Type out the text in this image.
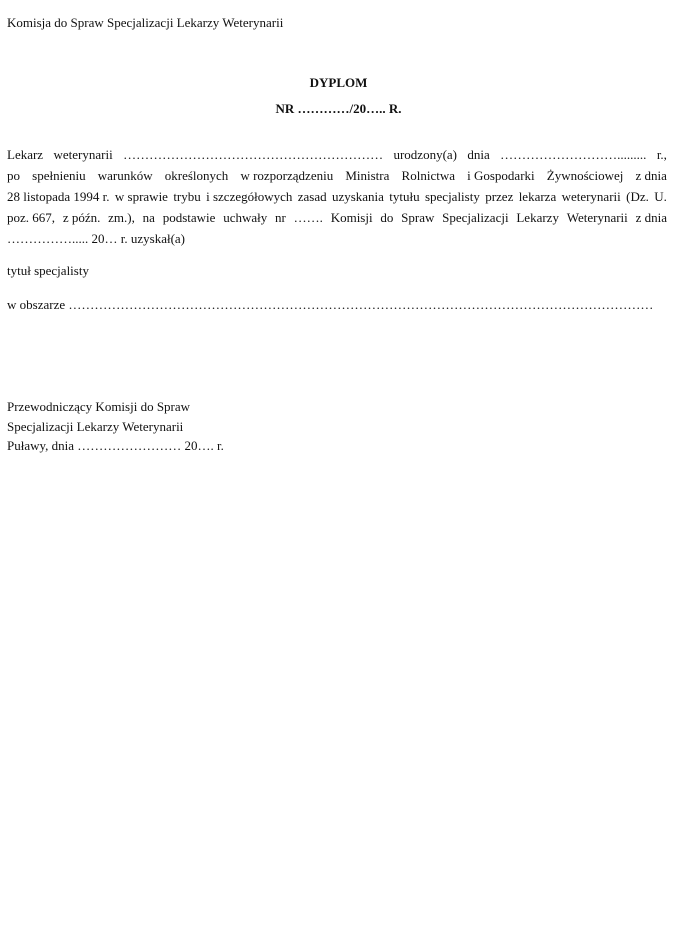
Komisja do Spraw Specjalizacji Lekarzy Weterynarii
DYPLOM
NR …………/20….. R.
Lekarz weterynarii …………………………………………………… urodzony(a) dnia ………………………......... r.,
po spełnieniu warunków określonych w rozporządzeniu Ministra Rolnictwa i Gospodarki Żywnościowej z dnia
28 listopada 1994 r. w sprawie trybu i szczegółowych zasad uzyskania tytułu specjalisty przez lekarza weterynarii (Dz. U.
poz. 667, z późn. zm.), na podstawie uchwały nr ……. Komisji do Spraw Specjalizacji Lekarzy Weterynarii z dnia
……………..... 20… r. uzyskał(a)
tytuł specjalisty
w obszarze ………………………………………………………………………………………………………………………
Przewodniczący Komisji do Spraw
Specjalizacji Lekarzy Weterynarii
Puławy, dnia …………………… 20…. r.
